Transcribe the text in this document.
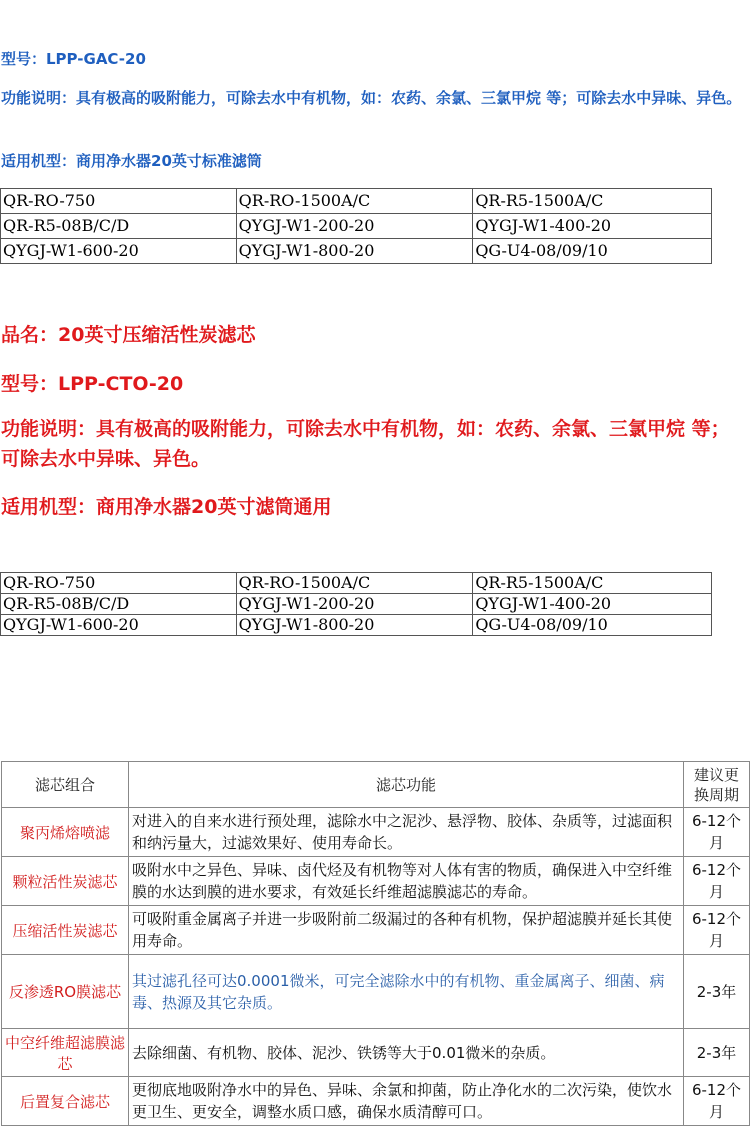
型号：LPP-GAC-20

功能说明：具有极高的吸附能力，可除去水中有机物，如：农药、余氯、三氯甲烷 等；可除去水中异味、异色。

适用机型：商用净水器20英寸标准滤筒

QR-RO-750	QR-RO-1500A/C	QR-R5-1500A/C
QR-R5-08B/C/D	QYGJ-W1-200-20	QYGJ-W1-400-20
QYGJ-W1-600-20	QYGJ-W1-800-20	QG-U4-08/09/10

品名：20英寸压缩活性炭滤芯

型号：LPP-CTO-20

功能说明：具有极高的吸附能力，可除去水中有机物，如：农药、余氯、三氯甲烷 等；可除去水中异味、异色。

适用机型：商用净水器20英寸滤筒通用

QR-RO-750	QR-RO-1500A/C	QR-R5-1500A/C
QR-R5-08B/C/D	QYGJ-W1-200-20	QYGJ-W1-400-20
QYGJ-W1-600-20	QYGJ-W1-800-20	QG-U4-08/09/10
滤芯组合	滤芯功能	建议更换周期
聚丙烯熔喷滤	对进入的自来水进行预处理，滤除水中之泥沙、悬浮物、胶体、杂质等，过滤面积和纳污量大，过滤效果好、使用寿命长。	6-12个月
颗粒活性炭滤芯	吸附水中之异色、异味、卤代烃及有机物等对人体有害的物质，确保进入中空纤维膜的水达到膜的进水要求，有效延长纤维超滤膜滤芯的寿命。	6-12个月
压缩活性炭滤芯	可吸附重金属离子并进一步吸附前二级漏过的各种有机物，保护超滤膜并延长其使用寿命。	6-12个月
反渗透RO膜滤芯	其过滤孔径可达0.0001微米，可完全滤除水中的有机物、重金属离子、细菌、病毒、热源及其它杂质。	2-3年
中空纤维超滤膜滤芯	去除细菌、有机物、胶体、泥沙、铁锈等大于0.01微米的杂质。	2-3年
后置复合滤芯	更彻底地吸附净水中的异色、异味、余氯和抑菌，防止净化水的二次污染，使饮水更卫生、更安全，调整水质口感，确保水质清醇可口。	6-12个月
